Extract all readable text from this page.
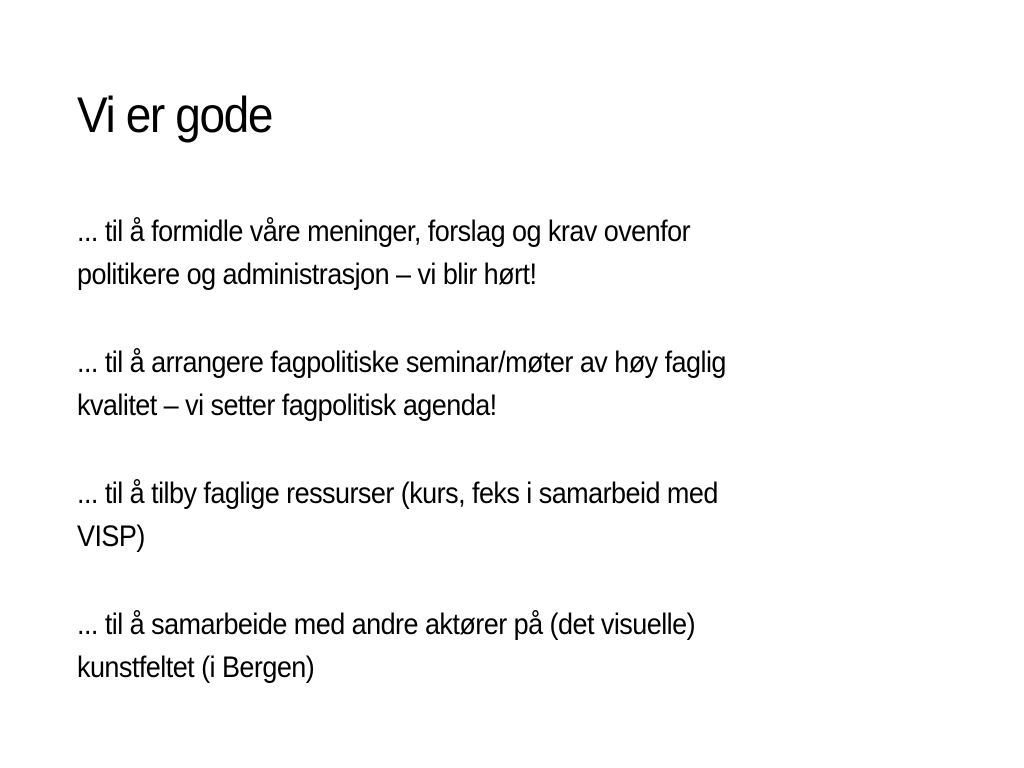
Vi er gode
... til å formidle våre meninger, forslag og krav ovenfor
politikere og administrasjon – vi blir hørt!
... til å arrangere fagpolitiske seminar/møter av høy faglig
kvalitet – vi setter fagpolitisk agenda!
... til å tilby faglige ressurser (kurs, feks i samarbeid med
VISP)
... til å samarbeide med andre aktører på (det visuelle)
kunstfeltet (i Bergen)
